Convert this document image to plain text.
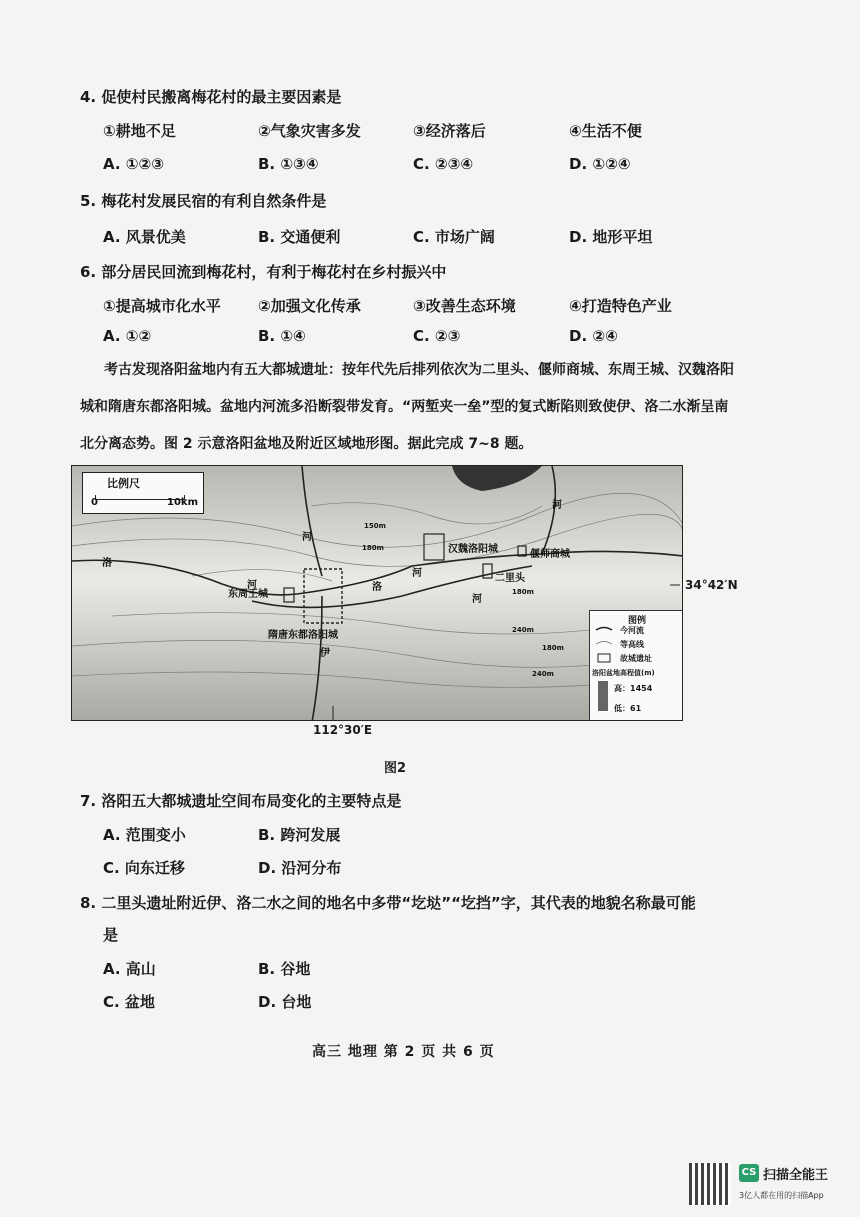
4. 促使村民搬离梅花村的最主要因素是
①耕地不足	②气象灾害多发	③经济落后	④生活不便
A. ①②③	B. ①③④	C. ②③④	D. ①②④
5. 梅花村发展民宿的有利自然条件是
A. 风景优美	B. 交通便利	C. 市场广阔	D. 地形平坦
6. 部分居民回流到梅花村，有利于梅花村在乡村振兴中
①提高城市化水平 ②加强文化传承	③改善生态环境	④打造特色产业
A. ①②	B. ①④	C. ②③	D. ②④
考古发现洛阳盆地内有五大都城遗址：按年代先后排列依次为二里头、偃师商城、东周王城、汉魏洛阳城和隋唐东都洛阳城。盆地内河流多沿断裂带发育。“两堑夹一垒”型的复式断陷则致使伊、洛二水渐呈南北分离态势。图 2 示意洛阳盆地及附近区域地形图。据此完成 7~8 题。
比例尺
0	10km
汉魏洛阳城	偃师商城
二里头
东周王城
隋唐东都洛阳城
河
洛
河
伊
河
河
河
洛
150m
180m
180m
240m
180m
240m
图例
今河流
等高线
故城遗址
洛阳盆地高程值(m)
高：1454
低：61
34°42′N
112°30′E
图2
7. 洛阳五大都城遗址空间布局变化的主要特点是
A. 范围变小	B. 跨河发展
C. 向东迁移	D. 沿河分布
8. 二里头遗址附近伊、洛二水之间的地名中多带“圪垯”“圪挡”字，其代表的地貌名称最可能
是
A. 高山	B. 谷地
C. 盆地	D. 台地
高三 地理 第 2 页 共 6 页
CS 扫描全能王
3亿人都在用的扫描App
